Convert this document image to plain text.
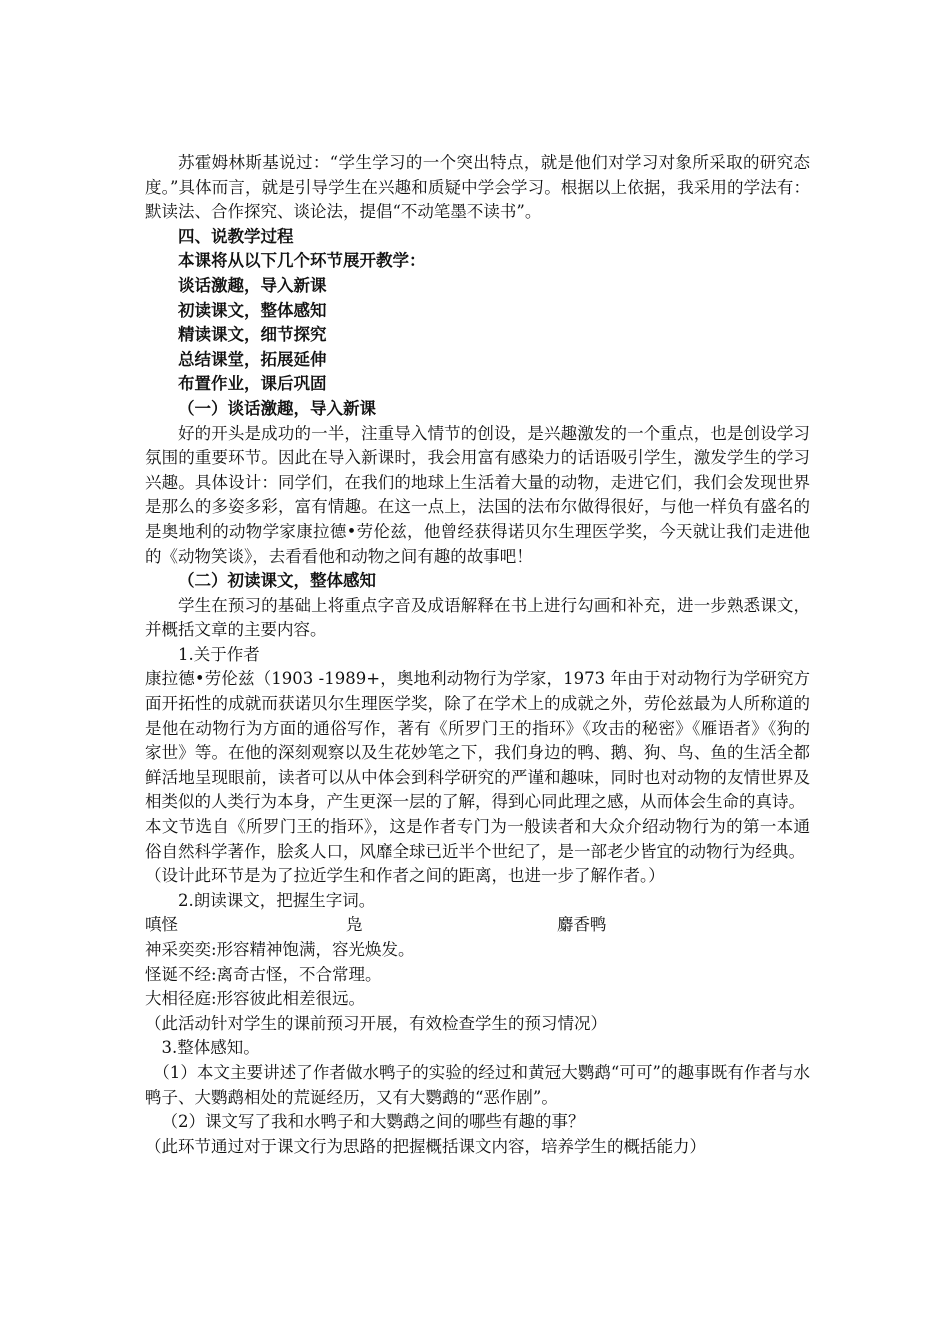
苏霍姆林斯基说过：“学生学习的一个突出特点，就是他们对学习对象所采取的研究态度。”具体而言，就是引导学生在兴趣和质疑中学会学习。根据以上依据，我采用的学法有：默读法、合作探究、谈论法，提倡“不动笔墨不读书”。

四、说教学过程

本课将从以下几个环节展开教学：

谈话激趣，导入新课

初读课文，整体感知

精读课文，细节探究

总结课堂，拓展延伸

布置作业，课后巩固

（一）谈话激趣，导入新课

好的开头是成功的一半，注重导入情节的创设，是兴趣激发的一个重点，也是创设学习氛围的重要环节。因此在导入新课时，我会用富有感染力的话语吸引学生，激发学生的学习兴趣。具体设计：同学们，在我们的地球上生活着大量的动物，走进它们，我们会发现世界是那么的多姿多彩，富有情趣。在这一点上，法国的法布尔做得很好，与他一样负有盛名的是奥地利的动物学家康拉德•劳伦兹，他曾经获得诺贝尔生理医学奖，今天就让我们走进他的《动物笑谈》，去看看他和动物之间有趣的故事吧！

（二）初读课文，整体感知

学生在预习的基础上将重点字音及成语解释在书上进行勾画和补充，进一步熟悉课文，并概括文章的主要内容。

1.关于作者

康拉德•劳伦兹（1903 -1989+，奥地利动物行为学家，1973 年由于对动物行为学研究方面开拓性的成就而获诺贝尔生理医学奖，除了在学术上的成就之外，劳伦兹最为人所称道的是他在动物行为方面的通俗写作，著有《所罗门王的指环》《攻击的秘密》《雁语者》《狗的家世》等。在他的深刻观察以及生花妙笔之下，我们身边的鸭、鹅、狗、鸟、鱼的生活全都鲜活地呈现眼前，读者可以从中体会到科学研究的严谨和趣味，同时也对动物的友情世界及相类似的人类行为本身，产生更深一层的了解，得到心同此理之感，从而体会生命的真诗。

本文节选自《所罗门王的指环》，这是作者专门为一般读者和大众介绍动物行为的第一本通俗自然科学著作，脍炙人口，风靡全球已近半个世纪了，是一部老少皆宜的动物行为经典。

（设计此环节是为了拉近学生和作者之间的距离，也进一步了解作者。）

2.朗读课文，把握生字词。

嗔怪	凫	麝香鸭

神采奕奕:形容精神饱满，容光焕发。

怪诞不经:离奇古怪，不合常理。

大相径庭:形容彼此相差很远。

（此活动针对学生的课前预习开展，有效检查学生的预习情况）

3.整体感知。

（1）本文主要讲述了作者做水鸭子的实验的经过和黄冠大鹦鹉“可可”的趣事既有作者与水鸭子、大鹦鹉相处的荒诞经历，又有大鹦鹉的“恶作剧”。

（2）课文写了我和水鸭子和大鹦鹉之间的哪些有趣的事？

（此环节通过对于课文行为思路的把握概括课文内容，培养学生的概括能力）
